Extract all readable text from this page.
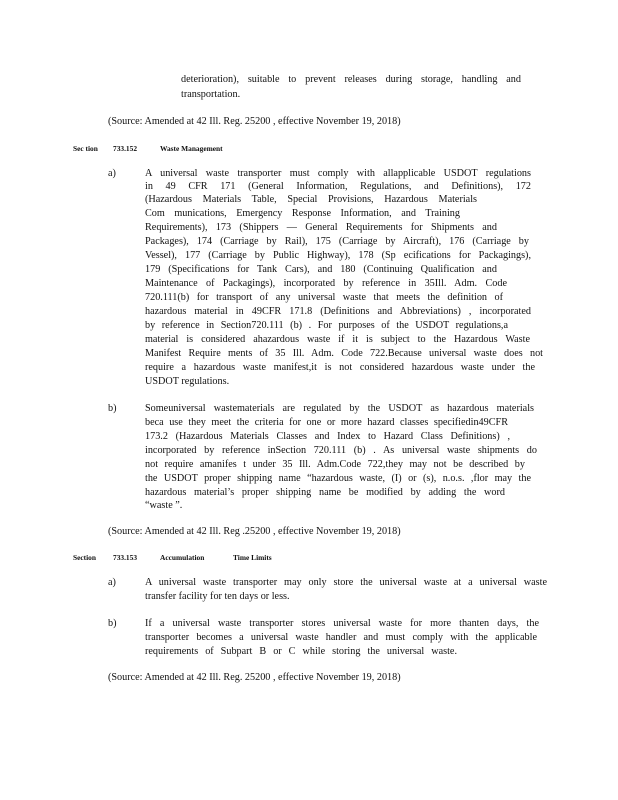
deterioration), suitable to prevent releases during storage, handling and
transportation.
(Source: Amended at 42 Ill. Reg. 25200 , effective November 19, 2018)
Sec tion 733.152	Waste Management
a)	A universal waste transporter must comply with allapplicable USDOT regulations
in 49 CFR 171 (General Information, Regulations, and Definitions), 172
(Hazardous Materials Table, Special Provisions, Hazardous Materials
Com munications, Emergency Response Information, and Training
Requirements), 173 (Shippers — General Requirements for Shipments and
Packages), 174 (Carriage by Rail), 175 (Carriage by Aircraft), 176 (Carriage by
Vessel), 177 (Carriage by Public Highway), 178 (Sp ecifications for Packagings),
179 (Specifications for Tank Cars), and 180 (Continuing Qualification and
Maintenance of Packagings), incorporated by reference in 35Ill. Adm. Code
720.111(b) for transport of any universal waste that meets the definition of
hazardous material in 49CFR 171.8 (Definitions and Abbreviations) , incorporated
by reference in Section720.111 (b) . For purposes of the USDOT regulations,a
material is considered ahazardous waste if it is subject to the Hazardous Waste
Manifest Require ments of 35 Ill. Adm. Code 722.Because universal waste does not
require a hazardous waste manifest,it is not considered hazardous waste under the
USDOT regulations.
b)	Someuniversal wastematerials are regulated by the USDOT as hazardous materials
beca use they meet the criteria for one or more hazard classes specifiedin49CFR
173.2 (Hazardous Materials Classes and Index to Hazard Class Definitions) ,
incorporated by reference inSection 720.111 (b) . As universal waste shipments do
not require amanifes t under 35 Ill. Adm.Code 722,they may not be described by
the USDOT proper shipping name “hazardous waste, (I) or (s), n.o.s. ,flor may the
hazardous material’s proper shipping name be modified by adding the word
“waste ”.
(Source: Amended at 42 Ill. Reg .25200 , effective November 19, 2018)
Section 733.153	Accumulation	Time Limits
a)	A universal waste transporter may only store the universal waste at a universal waste
transfer facility for ten days or less.
b)	If a universal waste transporter stores universal waste for more thanten days, the
transporter becomes a universal waste handler and must comply with the applicable
requirements of Subpart B or C while storing the universal waste.
(Source: Amended at 42 Ill. Reg. 25200 , effective November 19, 2018)
